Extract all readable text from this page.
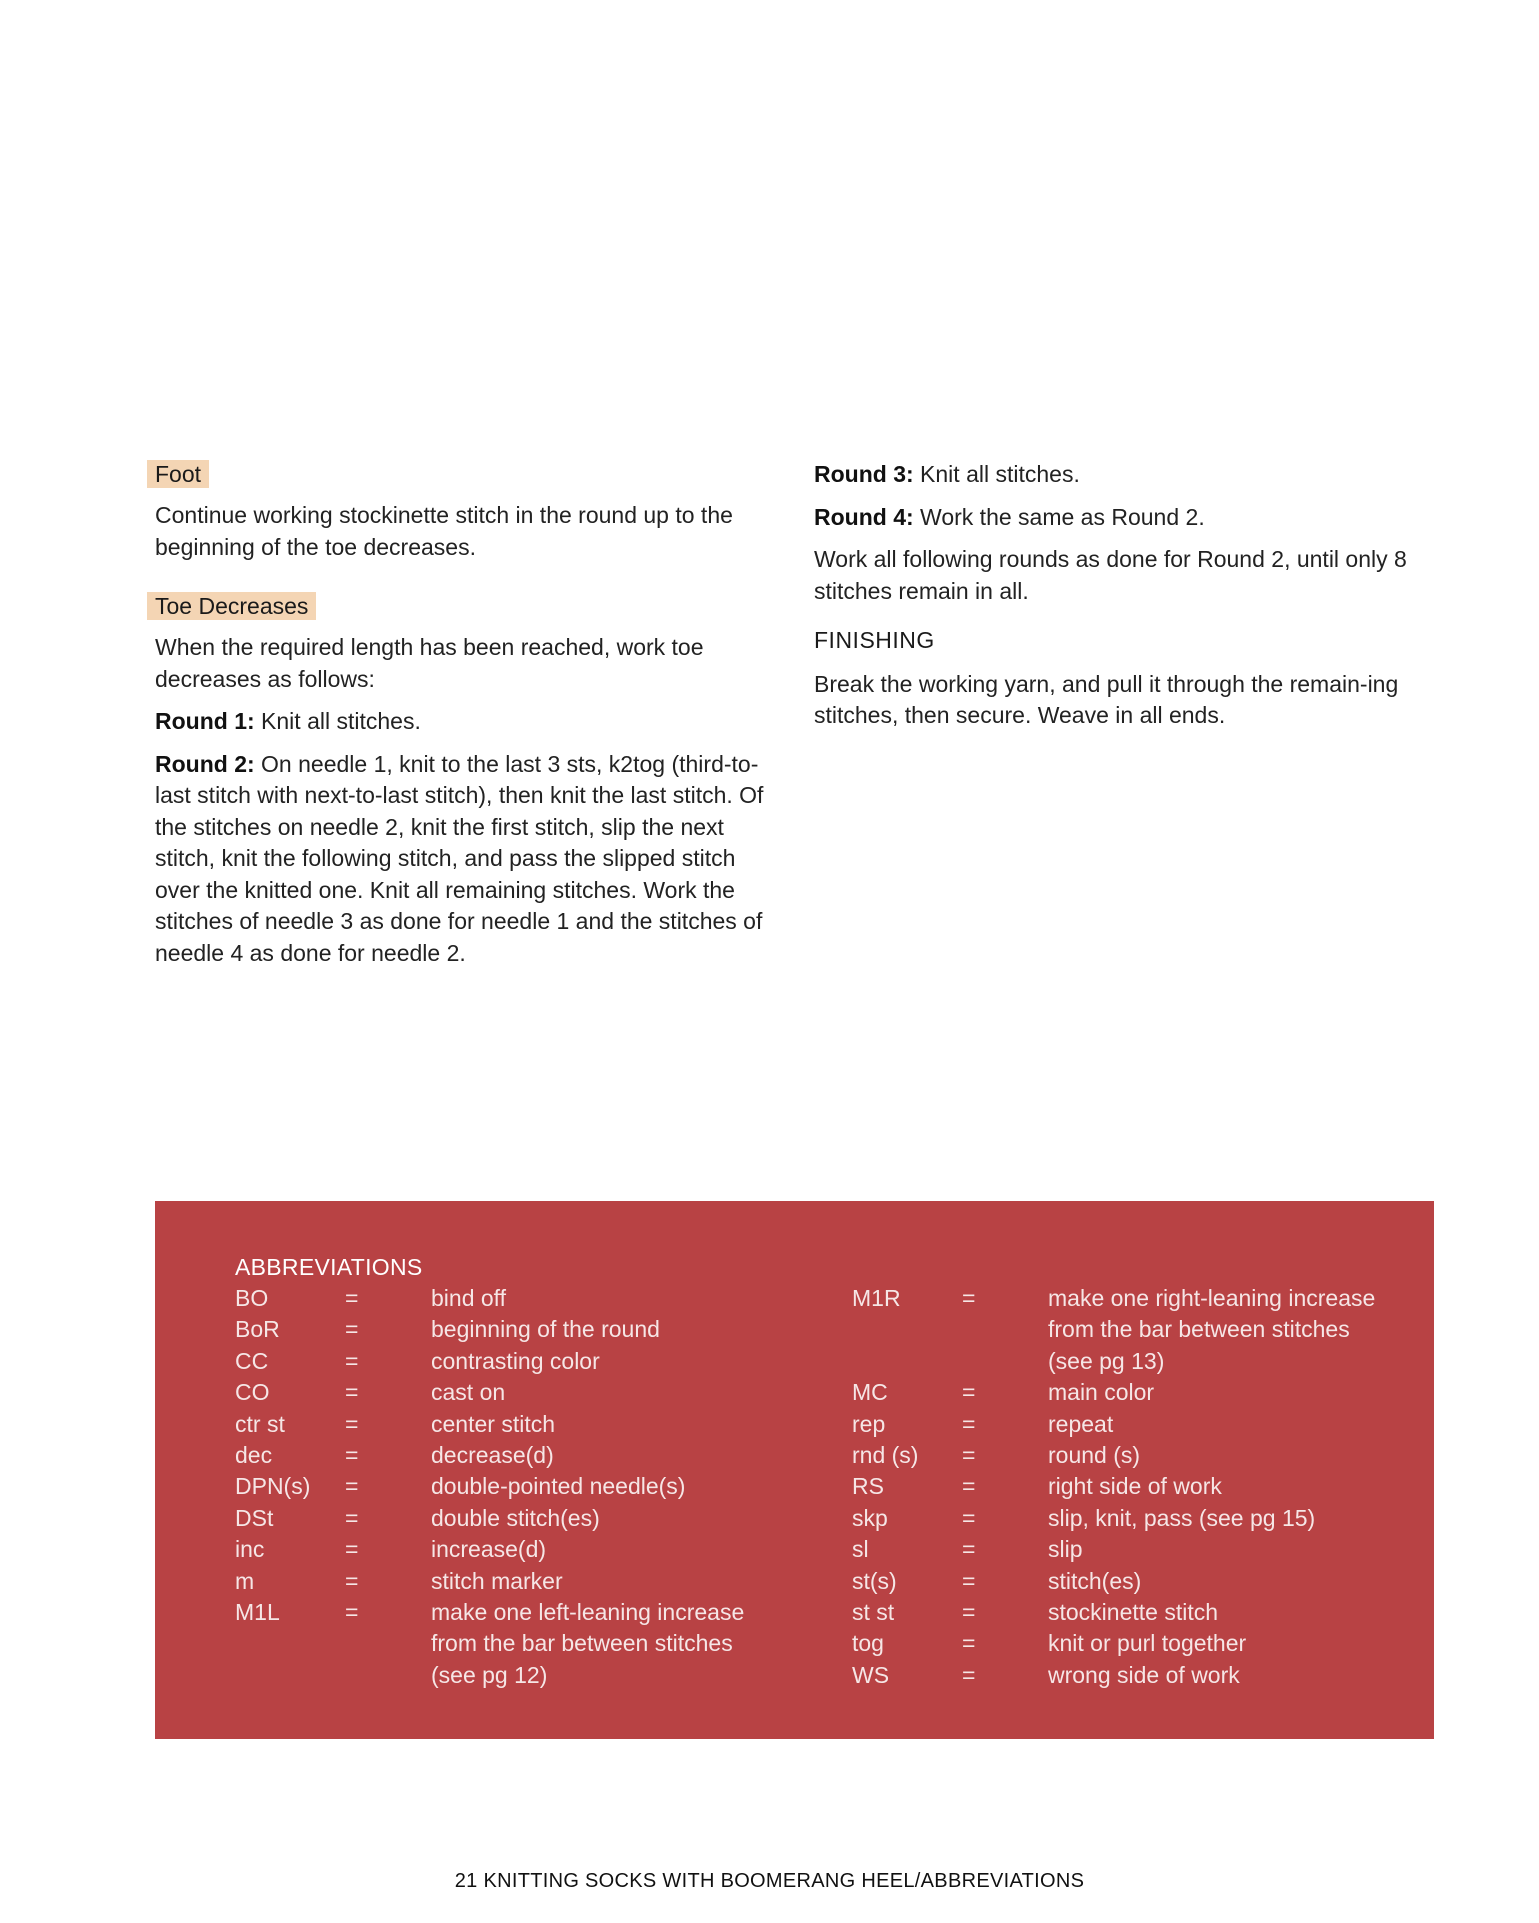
Foot

Continue working stockinette stitch in the round up to the beginning of the toe decreases.

Toe Decreases

When the required length has been reached, work toe decreases as follows:

Round 1: Knit all stitches.

Round 2: On needle 1, knit to the last 3 sts, k2tog (third-to-last stitch with next-to-last stitch), then knit the last stitch. Of the stitches on needle 2, knit the first stitch, slip the next stitch, knit the following stitch, and pass the slipped stitch over the knitted one. Knit all remaining stitches. Work the stitches of needle 3 as done for needle 1 and the stitches of needle 4 as done for needle 2.

Round 3: Knit all stitches.

Round 4: Work the same as Round 2.

Work all following rounds as done for Round 2, until only 8 stitches remain in all.

FINISHING

Break the working yarn, and pull it through the remain-ing stitches, then secure. Weave in all ends.

ABBREVIATIONS
BO	=	bind off
BoR	=	beginning of the round
CC	=	contrasting color
CO	=	cast on
ctr st	=	center stitch
dec	=	decrease(d)
DPN(s)	=	double-pointed needle(s)
DSt	=	double stitch(es)
inc	=	increase(d)
m	=	stitch marker
M1L	=	make one left-leaning increase
from the bar between stitches
(see pg 12)
M1R	=	make one right-leaning increase
from the bar between stitches
(see pg 13)
MC	=	main color
rep	=	repeat
rnd (s)	=	round (s)
RS	=	right side of work
skp	=	slip, knit, pass (see pg 15)
sl	=	slip
st(s)	=	stitch(es)
st st	=	stockinette stitch
tog	=	knit or purl together
WS	=	wrong side of work
21 KNITTING SOCKS WITH BOOMERANG HEEL/ABBREVIATIONS
